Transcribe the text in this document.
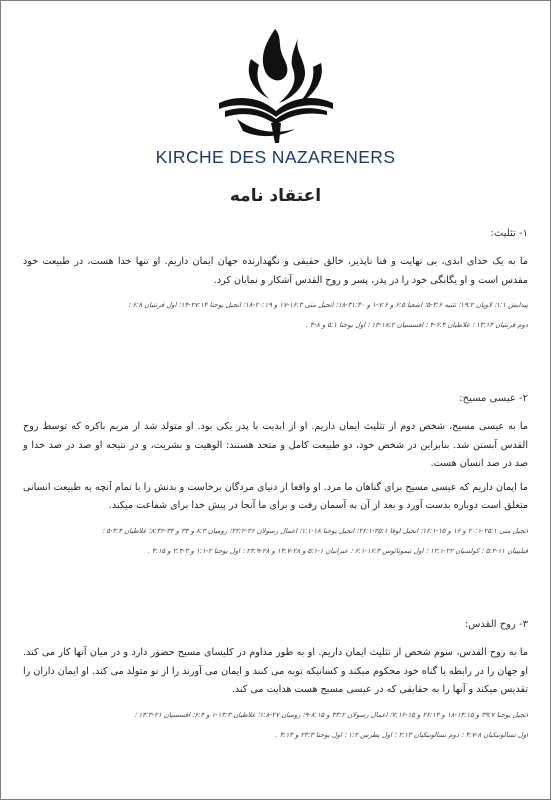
KIRCHE DES NAZARENERS
اعتقاد نامه
۱- تثلیث:

ما به یک خدای ابدی، بی نهایت و فنا ناپذیر، خالق حقیقی و نگهدارنده جهان ایمان داریم. او تنها خدا هست، در طبیعت خود مقدس است و او یگانگی خود را در پدر، پسر و روح القدس آشکار و نمایان کرد.

پیدایش ۱:۱؛ لاویان ۱۹:۲؛ تثنیه ۴:۶-۵؛ اشعیا ۶:۵ و ۷:۶-۱ و ۳۱:۴۰-۱۸؛ انجیل متی ۱۶:۳-۱۷ و ۲۰:۱۹-۱۸؛ انجیل یوحنا ۲۷:۱۴-۱۴؛ اول قرنتیان ۶:۸ ؛
دوم قرنتیان ۱۳:۱۳ ؛ غلاطیان ۶:۴-۴ ؛ افسسیان ۱۸:۲-۱۳ ؛ اول یوحنا ۵:۱ و ۸-۴ .
۲- عیسی مسیح:

ما به عیسی مسیح، شخص دوم از تثلیث ایمان داریم. او از ابدیت با پدر یکی بود. او متولد شد از مریم باکره که توسط روح القدس آبستن شد. بنابراین در شخص خود، دو طبیعت کامل و متحد هستند: الوهیت و بشریت، و در نتیجه او صد در صد خدا و صد در صد انسان هست.

ما ایمان داریم که عیسی مسیح برای گناهان ما مرد. او واقعا از دنیای مردگان برخاست و بدنش را با تمام آنچه به طبیعت انسانی متعلق است دوباره بدست آورد و بعد از آن به آسمان رفت و برای ما آنجا در پیش خدا برای شفاعت میکند.

انجیل متی ۲۵:۱-۲۰:۱ و ۱۶ و ۱۵-۱۶:۱؛ انجیل لوقا ۳۵:۱-۲۶:۱؛ انجیل یوحنا ۱۸-۱:۱؛ اعمال رسولان ۳۶-۲۲:۲؛ رومیان ۸:۳ و ۳۴ و ۳۴-۸:۳۲؛ غلاطیان ۴:۴-۵ ؛
فیلیپیان ۱۱-۵:۲ ؛ کولسیان ۲۲-۱۲:۱ ؛ اول تیموتائوس ۱۶:۳-۶:۱ ؛ عبرانیان ۱-۵:۱ و ۲۸-۱۴:۷ و ۲۸-۲۴:۹ ؛ اول یوحنا ۲-۱:۱ و ۳-۲:۳ و ۴:۱۵ .
۳- روح القدس:

ما به روح القدس، سوم شخص از تثلیث ایمان داریم. او به طور مداوم در کلیسای مسیح حضور دارد و در میان آنها کار می کند. او جهان را در رابطه با گناه خود محکوم میکند و کسانیکه توبه می کنند و ایمان می آورند را از نو متولد می کند. او ایمان داران را تقدیس میکند و آنها را به حقایقی که در عیسی مسیح هست هدایت می کند.

انجیل یوحنا ۳۹:۷ و ۱۴:۱۵-۱۸ و ۲۶:۱۴ و ۱۵-۷:۱۶؛ اعمال رسولان ۳۳:۲ و ۸:۱۵-۹؛ رومیان ۲۷-۱:۸؛ غلاطیان ۱۴:۳-۱ و ۶:۴؛ افسسیان ۲۱-۱۴:۳ ؛
اول تسالونیکیان ۸-۴:۷ ؛ دوم تسالونیکیان ۲:۱۳ ؛ اول پطرس ۱:۲ ؛ اول یوحنا ۲۴:۳ و ۴:۱۳ .
